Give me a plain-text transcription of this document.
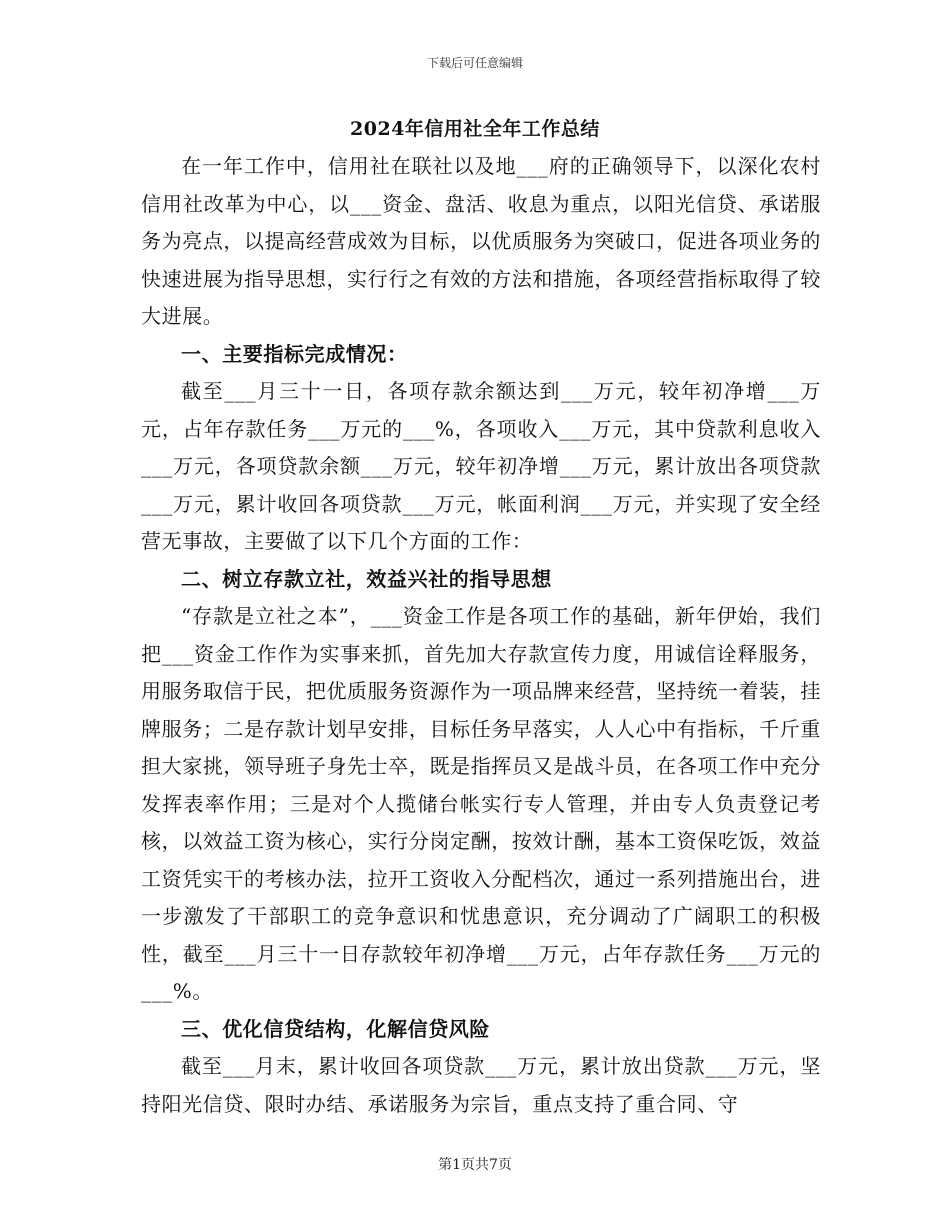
下载后可任意编辑
2024年信用社全年工作总结

在一年工作中，信用社在联社以及地___府的正确领导下，以深化农村信用社改革为中心，以___资金、盘活、收息为重点，以阳光信贷、承诺服务为亮点，以提高经营成效为目标，以优质服务为突破口，促进各项业务的快速进展为指导思想，实行行之有效的方法和措施，各项经营指标取得了较大进展。

一、主要指标完成情况：

截至___月三十一日，各项存款余额达到___万元，较年初净增___万元，占年存款任务___万元的___%，各项收入___万元，其中贷款利息收入___万元，各项贷款余额___万元，较年初净增___万元，累计放出各项贷款___万元，累计收回各项贷款___万元，帐面利润___万元，并实现了安全经营无事故，主要做了以下几个方面的工作：

二、树立存款立社，效益兴社的指导思想

“存款是立社之本”，___资金工作是各项工作的基础，新年伊始，我们把___资金工作作为实事来抓，首先加大存款宣传力度，用诚信诠释服务，用服务取信于民，把优质服务资源作为一项品牌来经营，坚持统一着装，挂牌服务；二是存款计划早安排，目标任务早落实，人人心中有指标，千斤重担大家挑，领导班子身先士卒，既是指挥员又是战斗员，在各项工作中充分发挥表率作用；三是对个人揽储台帐实行专人管理，并由专人负责登记考核，以效益工资为核心，实行分岗定酬，按效计酬，基本工资保吃饭，效益工资凭实干的考核办法，拉开工资收入分配档次，通过一系列措施出台，进一步激发了干部职工的竞争意识和忧患意识，充分调动了广阔职工的积极性，截至___月三十一日存款较年初净增___万元，占年存款任务___万元的___%。

三、优化信贷结构，化解信贷风险

截至___月末，累计收回各项贷款___万元，累计放出贷款___万元，坚持阳光信贷、限时办结、承诺服务为宗旨，重点支持了重合同、守

第1页共7页
